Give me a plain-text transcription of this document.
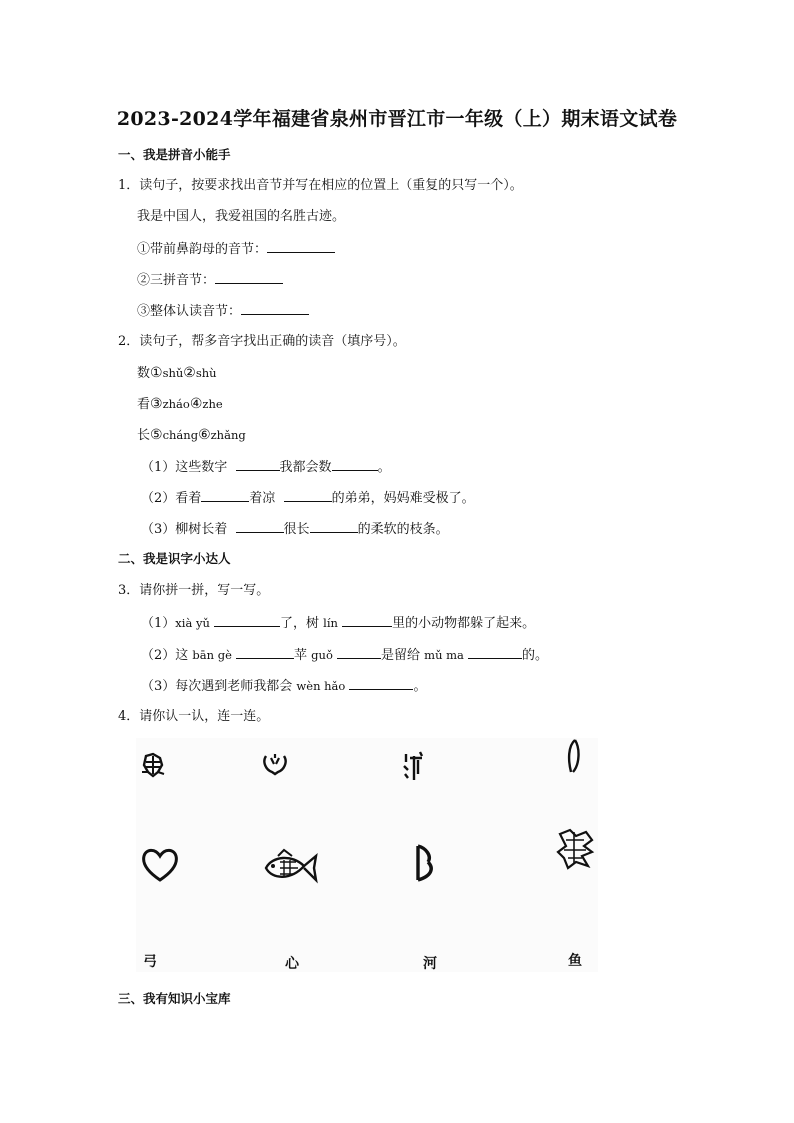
2023-2024学年福建省泉州市晋江市一年级（上）期末语文试卷
一、我是拼音小能手
1．读句子，按要求找出音节并写在相应的位置上（重复的只写一个）。
我是中国人，我爱祖国的名胜古迹。
①带前鼻韵母的音节：
②三拼音节：
③整体认读音节：
2．读句子，帮多音字找出正确的读音（填序号）。
数①shǔ②shù
看③zháo④zhe
长⑤cháng⑥zhǎng
（1）这些数字	我都会数	。
（2）看着	着凉	的弟弟，妈妈难受极了。
（3）柳树长着	很长	的柔软的枝条。
二、我是识字小达人
3．请你拼一拼，写一写。
（1）xià yǔ	了，树 lín	里的小动物都躲了起来。
（2）这 bān gè	苹 guǒ	是留给 mǔ ma	的。
（3）每次遇到老师我都会 wèn hǎo	。
4．请你认一认，连一连。
弓	心	河	鱼
三、我有知识小宝库
